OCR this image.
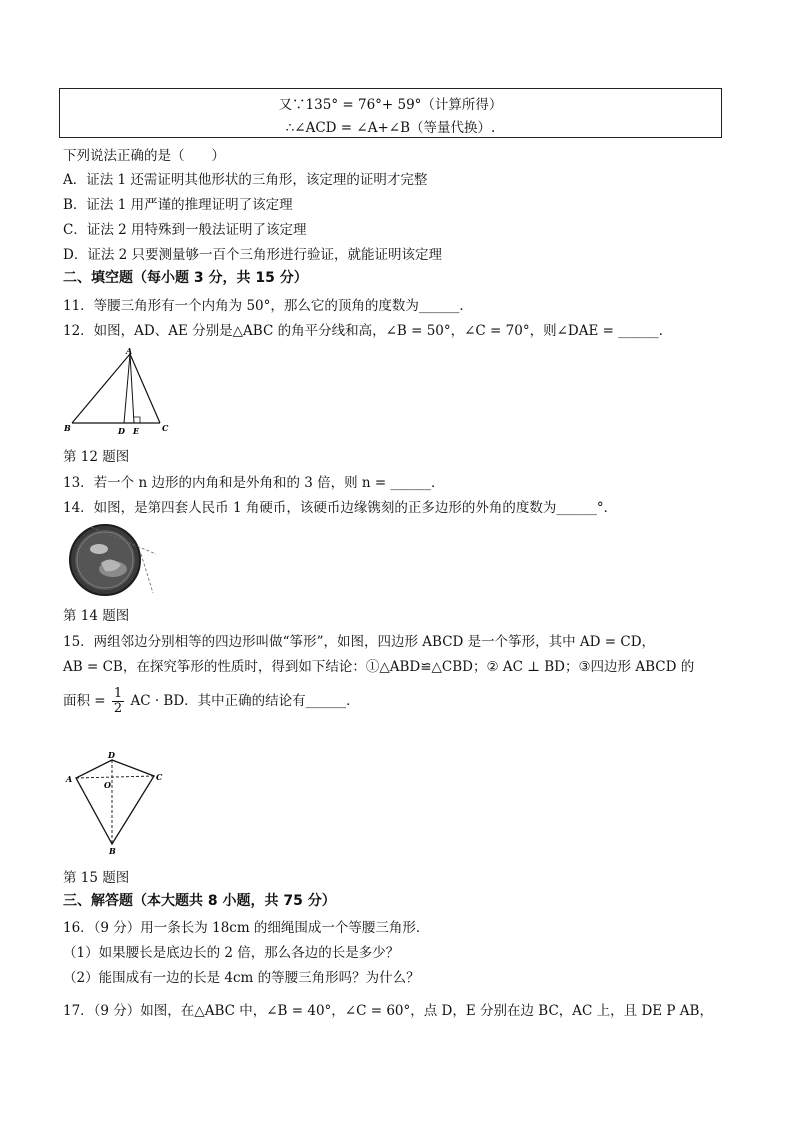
又∵135° = 76°+ 59°（计算所得）
∴∠ACD = ∠A+∠B（等量代换）.
下列说法正确的是（　　）
A．证法 1 还需证明其他形状的三角形，该定理的证明才完整
B．证法 1 用严谨的推理证明了该定理
C．证法 2 用特殊到一般法证明了该定理
D．证法 2 只要测量够一百个三角形进行验证，就能证明该定理
二、填空题（每小题 3 分，共 15 分）
11．等腰三角形有一个内角为 50°，那么它的顶角的度数为______．
12．如图，AD、AE 分别是△ABC 的角平分线和高，∠B = 50°，∠C = 70°，则∠DAE = ______．
A
B	D E	C
第 12 题图
13．若一个 n 边形的内角和是外角和的 3 倍，则 n = ______．
14．如图，是第四套人民币 1 角硬币，该硬币边缘镌刻的正多边形的外角的度数为______°．
第 14 题图
15．两组邻边分别相等的四边形叫做“筝形”，如图，四边形 ABCD 是一个筝形，其中 AD = CD，
AB = CB，在探究筝形的性质时，得到如下结论：①△ABD≌△CBD；② AC ⊥ BD；③四边形 ABCD 的
面积 = $\frac{1}{2}$ AC · BD．其中正确的结论有______．
D
A	C
O
B
第 15 题图
三、解答题（本大题共 8 小题，共 75 分）
16．（9 分）用一条长为 18cm 的细绳围成一个等腰三角形．
（1）如果腰长是底边长的 2 倍，那么各边的长是多少？
（2）能围成有一边的长是 4cm 的等腰三角形吗？为什么？
17．（9 分）如图，在△ABC 中，∠B = 40°，∠C = 60°，点 D，E 分别在边 BC，AC 上，且 DE P AB，
